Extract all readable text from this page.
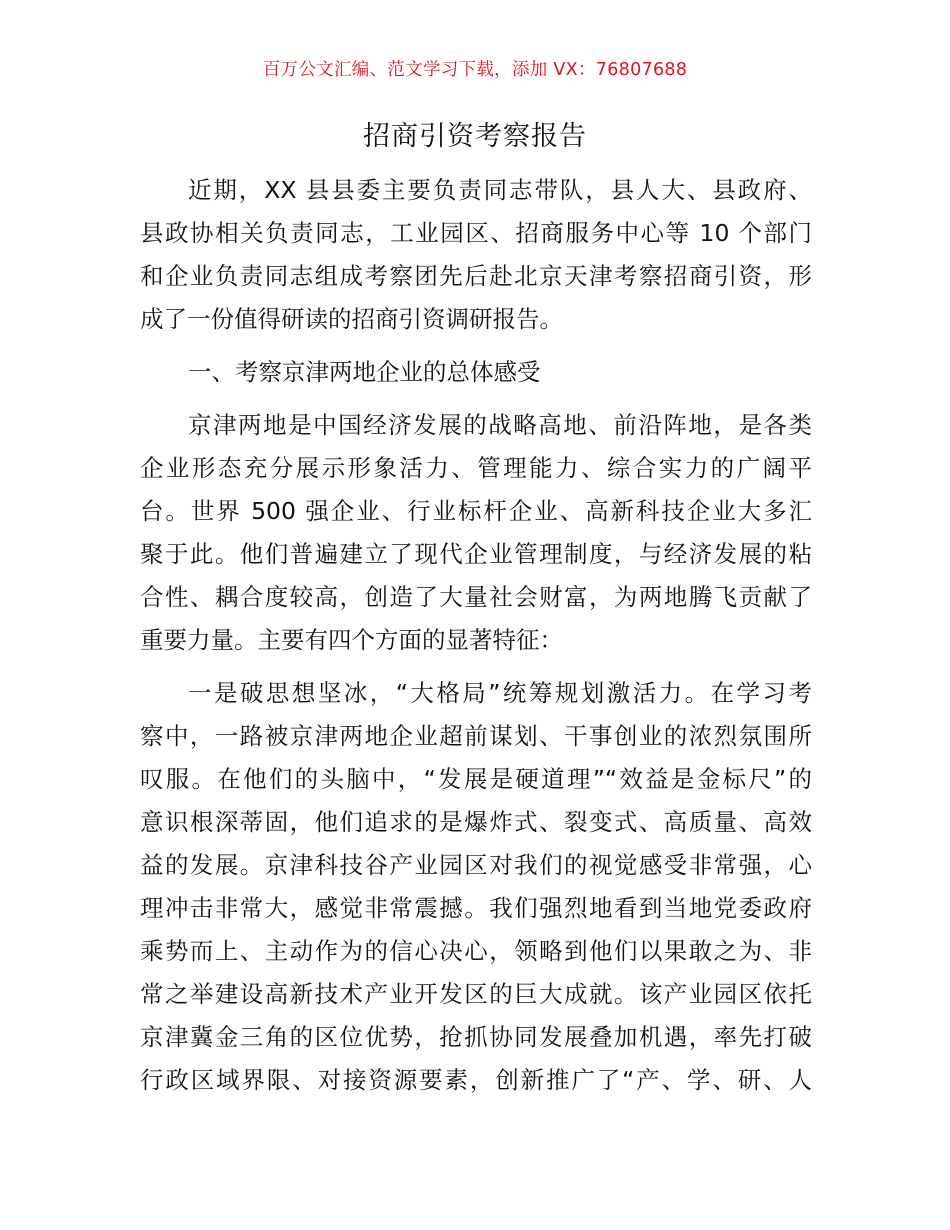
百万公文汇编、范文学习下载，添加 VX：76807688
招商引资考察报告
近期，XX 县县委主要负责同志带队，县人大、县政府、
县政协相关负责同志，工业园区、招商服务中心等 10 个部门
和企业负责同志组成考察团先后赴北京天津考察招商引资，形
成了一份值得研读的招商引资调研报告。
一、考察京津两地企业的总体感受
京津两地是中国经济发展的战略高地、前沿阵地，是各类
企业形态充分展示形象活力、管理能力、综合实力的广阔平
台。世界 500 强企业、行业标杆企业、高新科技企业大多汇
聚于此。他们普遍建立了现代企业管理制度，与经济发展的粘
合性、耦合度较高，创造了大量社会财富，为两地腾飞贡献了
重要力量。主要有四个方面的显著特征：
一是破思想坚冰，“大格局”统筹规划激活力。在学习考
察中，一路被京津两地企业超前谋划、干事创业的浓烈氛围所
叹服。在他们的头脑中，“发展是硬道理”“效益是金标尺”的
意识根深蒂固，他们追求的是爆炸式、裂变式、高质量、高效
益的发展。京津科技谷产业园区对我们的视觉感受非常强，心
理冲击非常大，感觉非常震撼。我们强烈地看到当地党委政府
乘势而上、主动作为的信心决心，领略到他们以果敢之为、非
常之举建设高新技术产业开发区的巨大成就。该产业园区依托
京津冀金三角的区位优势，抢抓协同发展叠加机遇，率先打破
行政区域界限、对接资源要素，创新推广了“产、学、研、人
